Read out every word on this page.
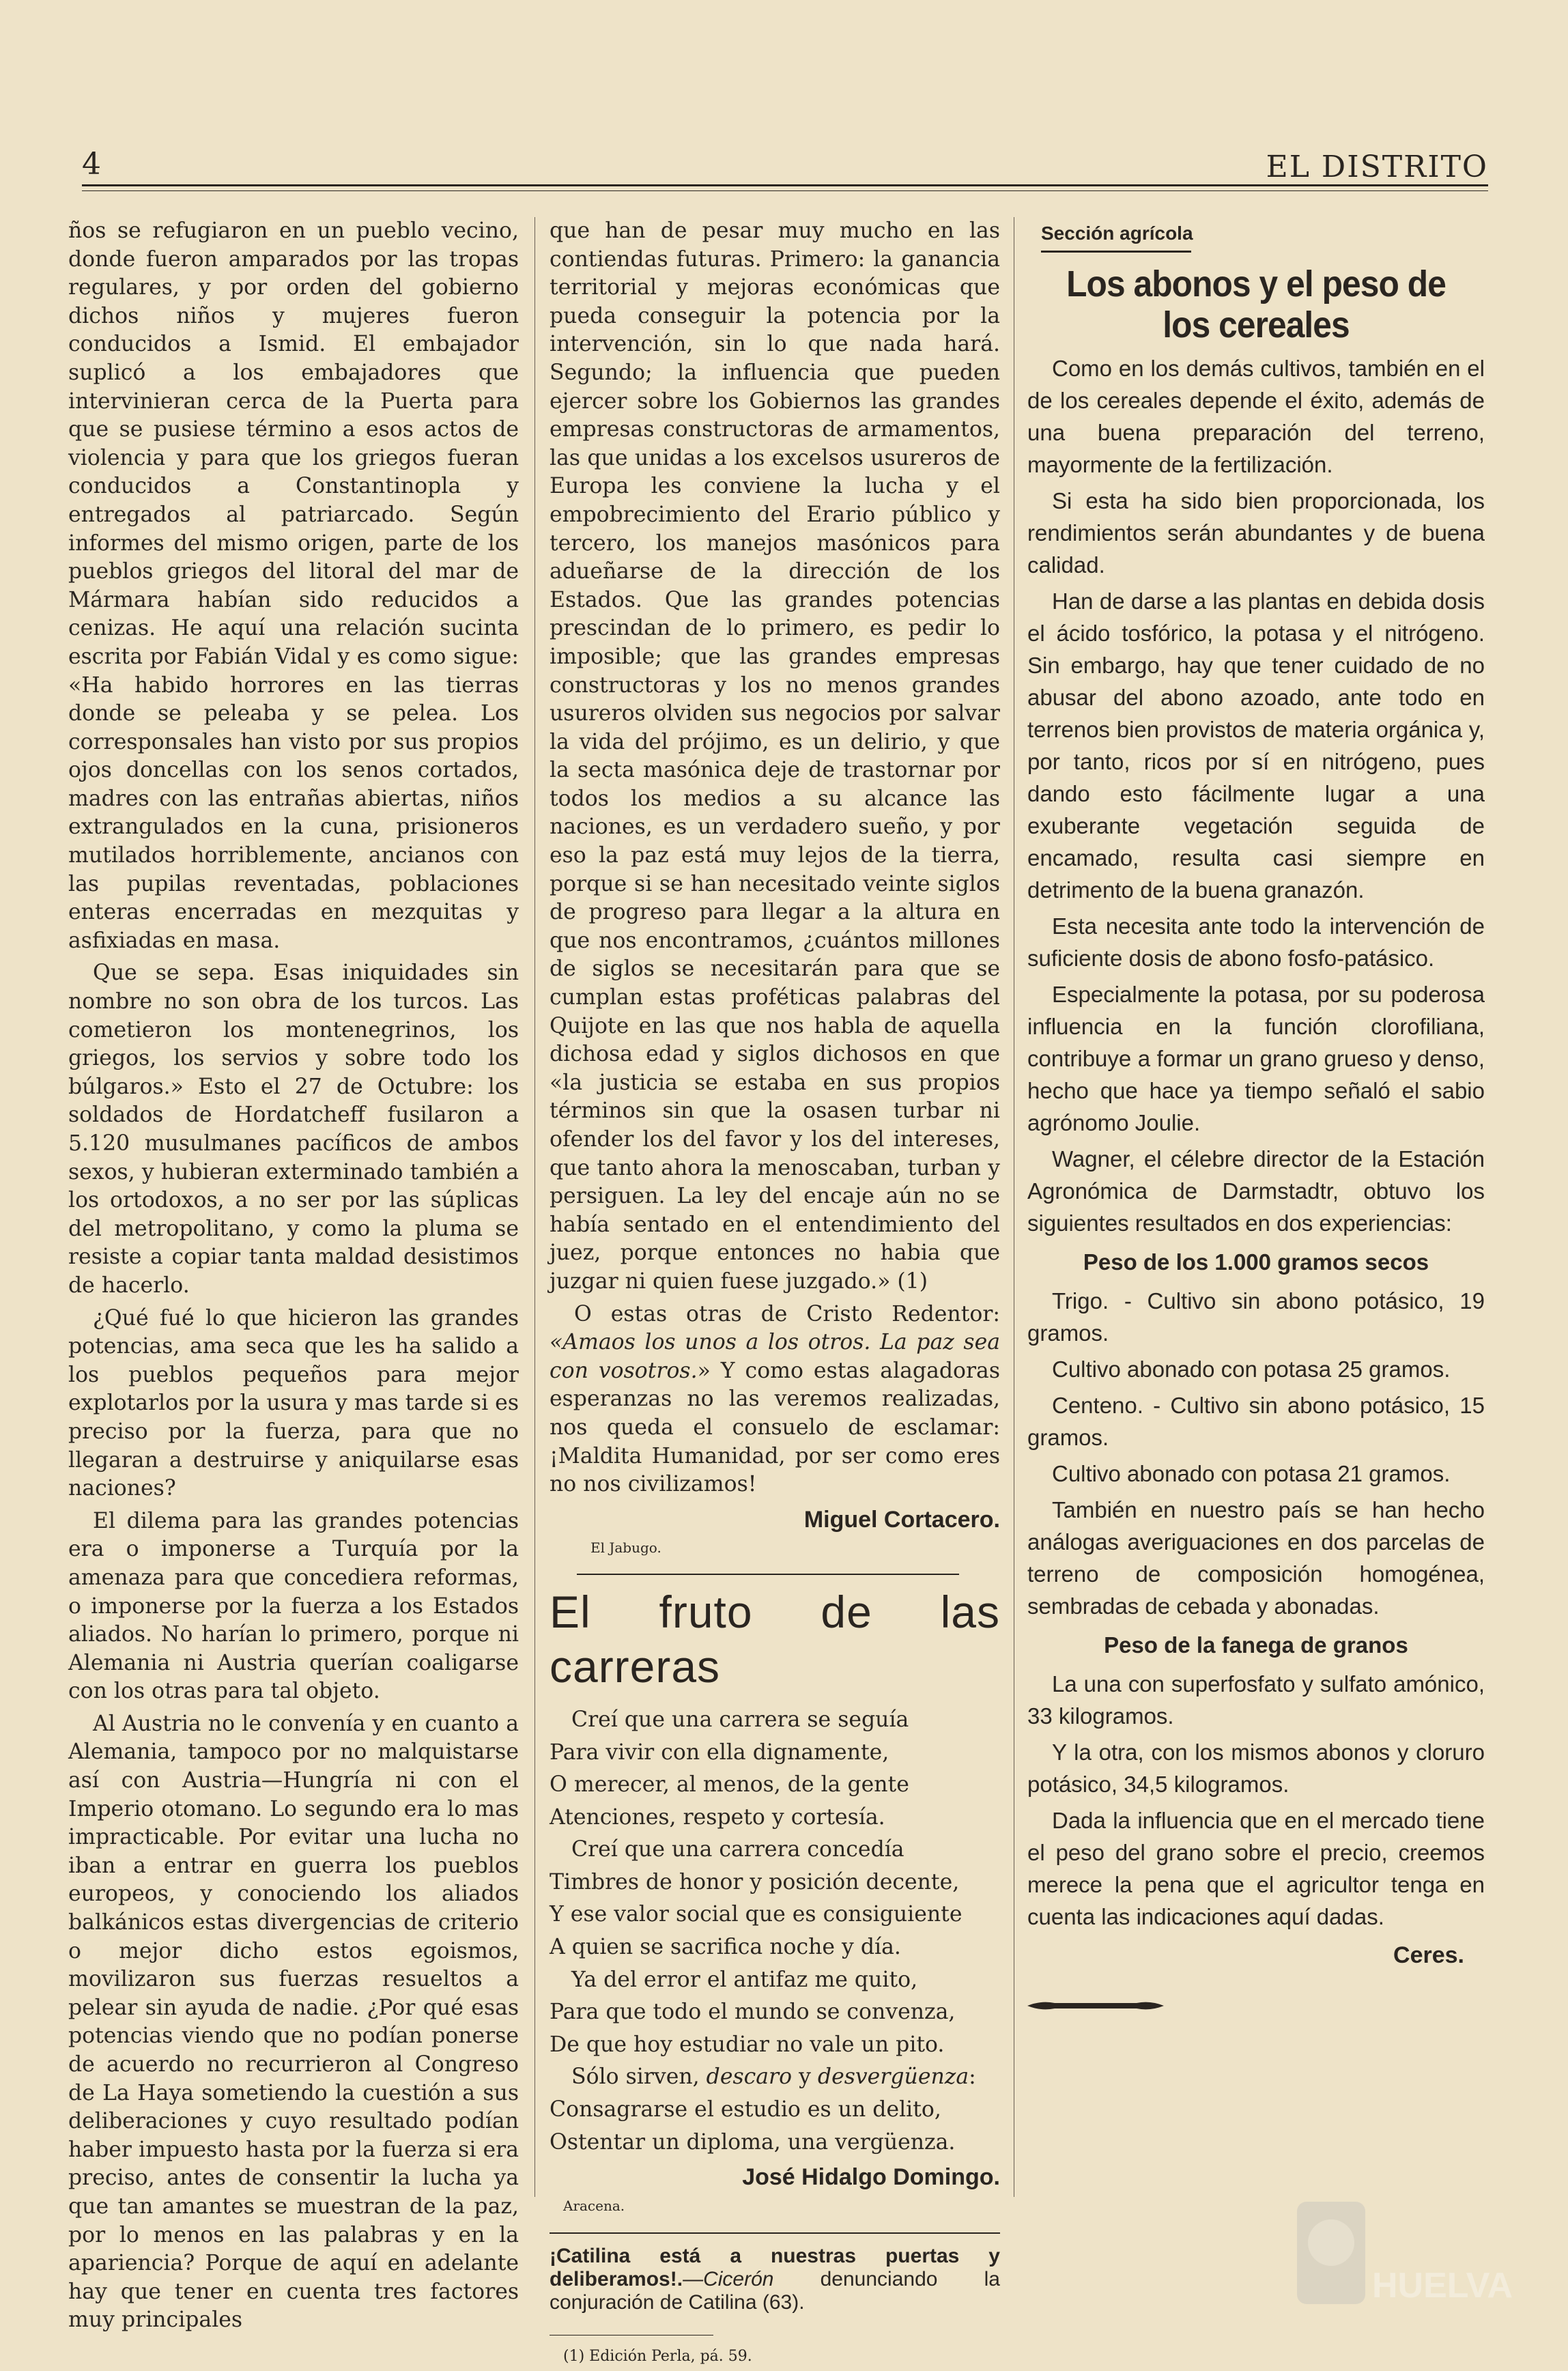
4	EL DISTRITO

ños se refugiaron en un pueblo vecino, donde fueron amparados por las tropas regulares, y por orden del gobierno dichos niños y mujeres fueron conducidos a Ismid. El embajador suplicó a los embajadores que intervinieran cerca de la Puerta para que se pusiese término a esos actos de violencia y para que los griegos fueran conducidos a Constantinopla y entregados al patriarcado. Según informes del mismo origen, parte de los pueblos griegos del litoral del mar de Mármara habían sido reducidos a cenizas. He aquí una relación sucinta escrita por Fabián Vidal y es como sigue: «Ha habido horrores en las tierras donde se peleaba y se pelea. Los corresponsales han visto por sus propios ojos doncellas con los senos cortados, madres con las entrañas abiertas, niños extrangulados en la cuna, prisioneros mutilados horriblemente, ancianos con las pupilas reventadas, poblaciones enteras encerradas en mezquitas y asfixiadas en masa.

Que se sepa. Esas iniquidades sin nombre no son obra de los turcos. Las cometieron los montenegrinos, los griegos, los servios y sobre todo los búlgaros.» Esto el 27 de Octubre: los soldados de Hordatcheff fusilaron a 5.120 musulmanes pacíficos de ambos sexos, y hubieran exterminado también a los ortodoxos, a no ser por las súplicas del metropolitano, y como la pluma se resiste a copiar tanta maldad desistimos de hacerlo.

¿Qué fué lo que hicieron las grandes potencias, ama seca que les ha salido a los pueblos pequeños para mejor explotarlos por la usura y mas tarde si es preciso por la fuerza, para que no llegaran a destruirse y aniquilarse esas naciones?

El dilema para las grandes potencias era o imponerse a Turquía por la amenaza para que concediera reformas, o imponerse por la fuerza a los Estados aliados. No harían lo primero, porque ni Alemania ni Austria querían coaligarse con los otras para tal objeto.

Al Austria no le convenía y en cuanto a Alemania, tampoco por no malquistarse así con Austria—Hungría ni con el Imperio otomano. Lo segundo era lo mas impracticable. Por evitar una lucha no iban a entrar en guerra los pueblos europeos, y conociendo los aliados balkánicos estas divergencias de criterio o mejor dicho estos egoismos, movilizaron sus fuerzas resueltos a pelear sin ayuda de nadie. ¿Por qué esas potencias viendo que no podían ponerse de acuerdo no recurrieron al Congreso de La Haya sometiendo la cuestión a sus deliberaciones y cuyo resultado podían haber impuesto hasta por la fuerza si era preciso, antes de consentir la lucha ya que tan amantes se muestran de la paz, por lo menos en las palabras y en la apariencia? Porque de aquí en adelante hay que tener en cuenta tres factores muy principales

que han de pesar muy mucho en las contiendas futuras. Primero: la ganancia territorial y mejoras económicas que pueda conseguir la potencia por la intervención, sin lo que nada hará. Segundo; la influencia que pueden ejercer sobre los Gobiernos las grandes empresas constructoras de armamentos, las que unidas a los excelsos usureros de Europa les conviene la lucha y el empobrecimiento del Erario público y tercero, los manejos masónicos para adueñarse de la dirección de los Estados. Que las grandes potencias prescindan de lo primero, es pedir lo imposible; que las grandes empresas constructoras y los no menos grandes usureros olviden sus negocios por salvar la vida del prójimo, es un delirio, y que la secta masónica deje de trastornar por todos los medios a su alcance las naciones, es un verdadero sueño, y por eso la paz está muy lejos de la tierra, porque si se han necesitado veinte siglos de progreso para llegar a la altura en que nos encontramos, ¿cuántos millones de siglos se necesitarán para que se cumplan estas proféticas palabras del Quijote en las que nos habla de aquella dichosa edad y siglos dichosos en que «la justicia se estaba en sus propios términos sin que la osasen turbar ni ofender los del favor y los del intereses, que tanto ahora la menoscaban, turban y persiguen. La ley del encaje aún no se había sentado en el entendimiento del juez, porque entonces no habia que juzgar ni quien fuese juzgado.» (1)

O estas otras de Cristo Redentor: «Amaos los unos a los otros. La paz sea con vosotros.» Y como estas alagadoras esperanzas no las veremos realizadas, nos queda el consuelo de esclamar: ¡Maldita Humanidad, por ser como eres no nos civilizamos!

Miguel Cortacero.
El Jabugo.
El fruto de las carreras

Creí que una carrera se seguía

Para vivir con ella dignamente,

O merecer, al menos, de la gente

Atenciones, respeto y cortesía.

Creí que una carrera concedía

Timbres de honor y posición decente,

Y ese valor social que es consiguiente

A quien se sacrifica noche y día.

Ya del error el antifaz me quito,

Para que todo el mundo se convenza,

De que hoy estudiar no vale un pito.

Sólo sirven, descaro y desvergüenza:

Consagrarse el estudio es un delito,

Ostentar un diploma, una vergüenza.

José Hidalgo Domingo.
Aracena.
¡Catilina está a nuestras puertas y deliberamos!.—Cicerón denunciando la conjuración de Catilina (63).
(1) Edición Perla, pá. 59.
Sección agrícola
Los abonos y el peso de los cereales

Como en los demás cultivos, también en el de los cereales depende el éxito, además de una buena preparación del terreno, mayormente de la fertilización.

Si esta ha sido bien proporcionada, los rendimientos serán abundantes y de buena calidad.

Han de darse a las plantas en debida dosis el ácido tosfórico, la potasa y el nitrógeno. Sin embargo, hay que tener cuidado de no abusar del abono azoado, ante todo en terrenos bien provistos de materia orgánica y, por tanto, ricos por sí en nitrógeno, pues dando esto fácilmente lugar a una exuberante vegetación seguida de encamado, resulta casi siempre en detrimento de la buena granazón.

Esta necesita ante todo la intervención de suficiente dosis de abono fosfo-patásico.

Especialmente la potasa, por su poderosa influencia en la función clorofiliana, contribuye a formar un grano grueso y denso, hecho que hace ya tiempo señaló el sabio agrónomo Joulie.

Wagner, el célebre director de la Estación Agronómica de Darmstadtr, obtuvo los siguientes resultados en dos experiencias:

Peso de los 1.000 gramos secos

Trigo. - Cultivo sin abono potásico, 19 gramos.

Cultivo abonado con potasa 25 gramos.

Centeno. - Cultivo sin abono potásico, 15 gramos.

Cultivo abonado con potasa 21 gramos.

También en nuestro país se han hecho análogas averiguaciones en dos parcelas de terreno de composición homogénea, sembradas de cebada y abonadas.

Peso de la fanega de granos

La una con superfosfato y sulfato amónico, 33 kilogramos.

Y la otra, con los mismos abonos y cloruro potásico, 34,5 kilogramos.

Dada la influencia que en el mercado tiene el peso del grano sobre el precio, creemos merece la pena que el agricultor tenga en cuenta las indicaciones aquí dadas.

Ceres.
HUELVA
